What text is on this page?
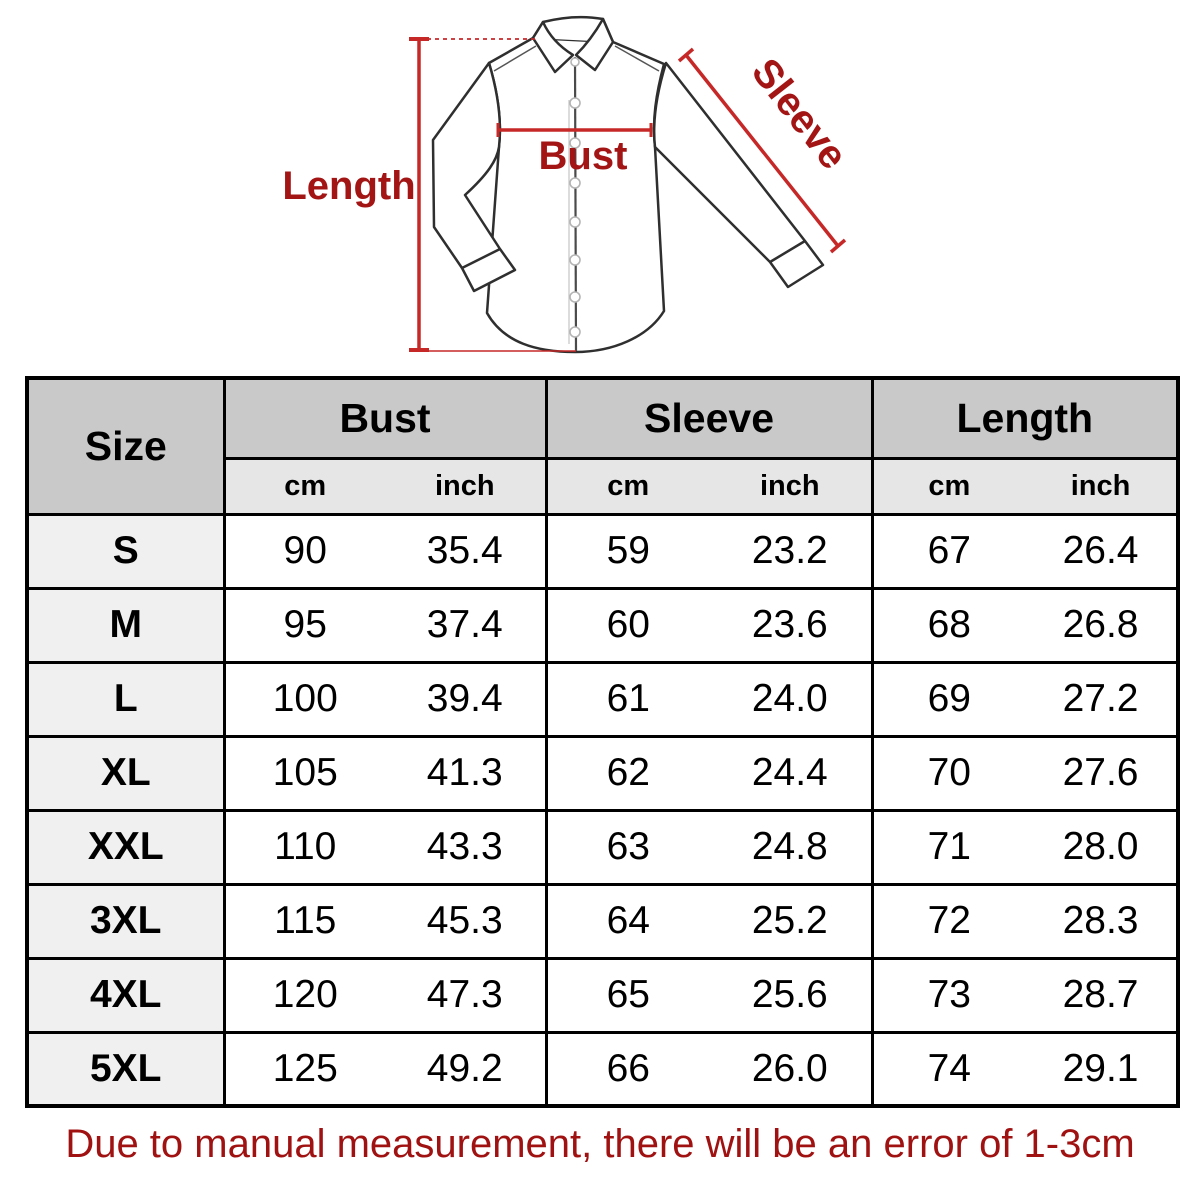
Length
Bust	Sleeve
Size	Bust		Sleeve		Length	
	cm	inch	cm	inch	cm	inch
S	90	35.4	59	23.2	67	26.4
M	95	37.4	60	23.6	68	26.8
L	100	39.4	61	24.0	69	27.2
XL	105	41.3	62	24.4	70	27.6
XXL	110	43.3	63	24.8	71	28.0
3XL	115	45.3	64	25.2	72	28.3
4XL	120	47.3	65	25.6	73	28.7
5XL	125	49.2	66	26.0	74	29.1
Due to manual measurement, there will be an error of 1-3cm
